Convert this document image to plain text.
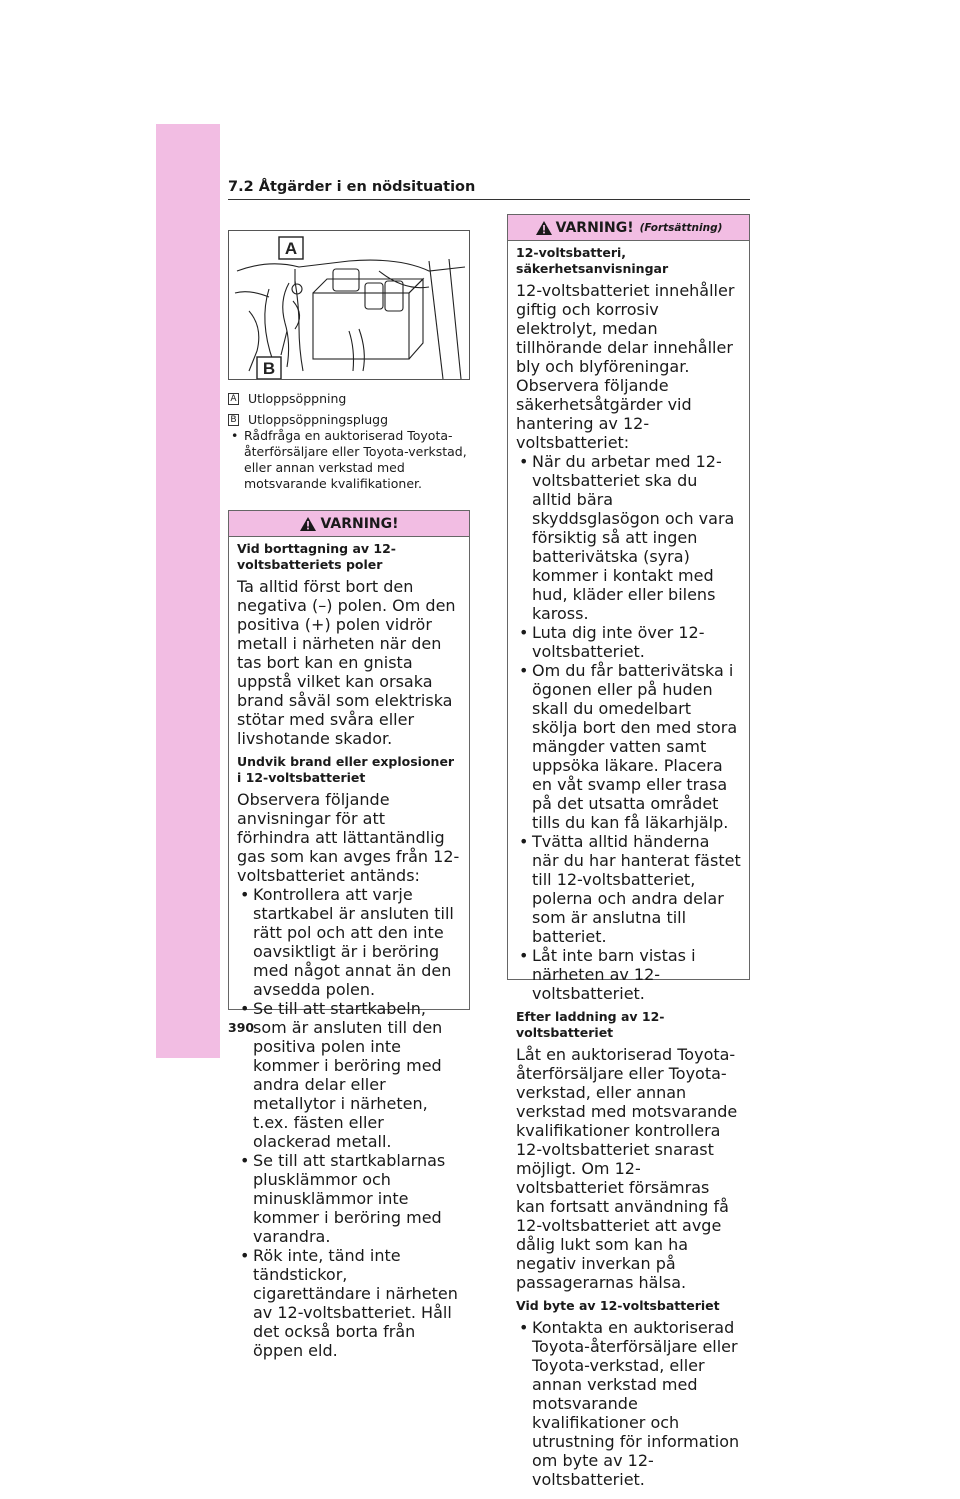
7.2 Åtgärder i en nödsituation
A
B
A Utloppsöppning
B Utloppsöppningsplugg
• Rådfråga en auktoriserad Toyota-återförsäljare eller Toyota-verkstad, eller annan verkstad med motsvarande kvalifikationer.
VARNING!
Vid borttagning av 12-voltsbatteriets poler

Ta alltid först bort den negativa (–) polen. Om den positiva (+) polen vidrör metall i närheten när den tas bort kan en gnista uppstå vilket kan orsaka brand såväl som elektriska stötar med svåra eller livshotande skador.

Undvik brand eller explosioner i 12-voltsbatteriet

Observera följande anvisningar för att förhindra att lättantändlig gas som kan avges från 12-voltsbatteriet antänds:

• Kontrollera att varje startkabel är ansluten till rätt pol och att den inte oavsiktligt är i beröring med något annat än den avsedda polen.
• Se till att startkabeln, som är ansluten till den positiva polen inte kommer i beröring med andra delar eller metallytor i närheten, t.ex. fästen eller olackerad metall.
• Se till att startkablarnas plusklämmor och minusklämmor inte kommer i beröring med varandra.
• Rök inte, tänd inte tändstickor, cigarettändare i närheten av 12-voltsbatteriet. Håll det också borta från öppen eld.
VARNING! (Fortsättning)
12-voltsbatteri, säkerhetsanvisningar

12-voltsbatteriet innehåller giftig och korrosiv elektrolyt, medan tillhörande delar innehåller bly och blyföreningar. Observera följande säkerhetsåtgärder vid hantering av 12-voltsbatteriet:

• När du arbetar med 12-voltsbatteriet ska du alltid bära skyddsglasögon och vara försiktig så att ingen batterivätska (syra) kommer i kontakt med hud, kläder eller bilens kaross.
• Luta dig inte över 12-voltsbatteriet.
• Om du får batterivätska i ögonen eller på huden skall du omedelbart skölja bort den med stora mängder vatten samt uppsöka läkare. Placera en våt svamp eller trasa på det utsatta området tills du kan få läkarhjälp.
• Tvätta alltid händerna när du har hanterat fästet till 12-voltsbatteriet, polerna och andra delar som är anslutna till batteriet.
• Låt inte barn vistas i närheten av 12-voltsbatteriet.
Efter laddning av 12-voltsbatteriet

Låt en auktoriserad Toyota-återförsäljare eller Toyota-verkstad, eller annan verkstad med motsvarande kvalifikationer kontrollera 12-voltsbatteriet snarast möjligt. Om 12-voltsbatteriet försämras kan fortsatt användning få 12-voltsbatteriet att avge dålig lukt som kan ha negativ inverkan på passagerarnas hälsa.

Vid byte av 12-voltsbatteriet
• Kontakta en auktoriserad Toyota-återförsäljare eller Toyota-verkstad, eller annan verkstad med motsvarande kvalifikationer och utrustning för information om byte av 12-voltsbatteriet.
390
